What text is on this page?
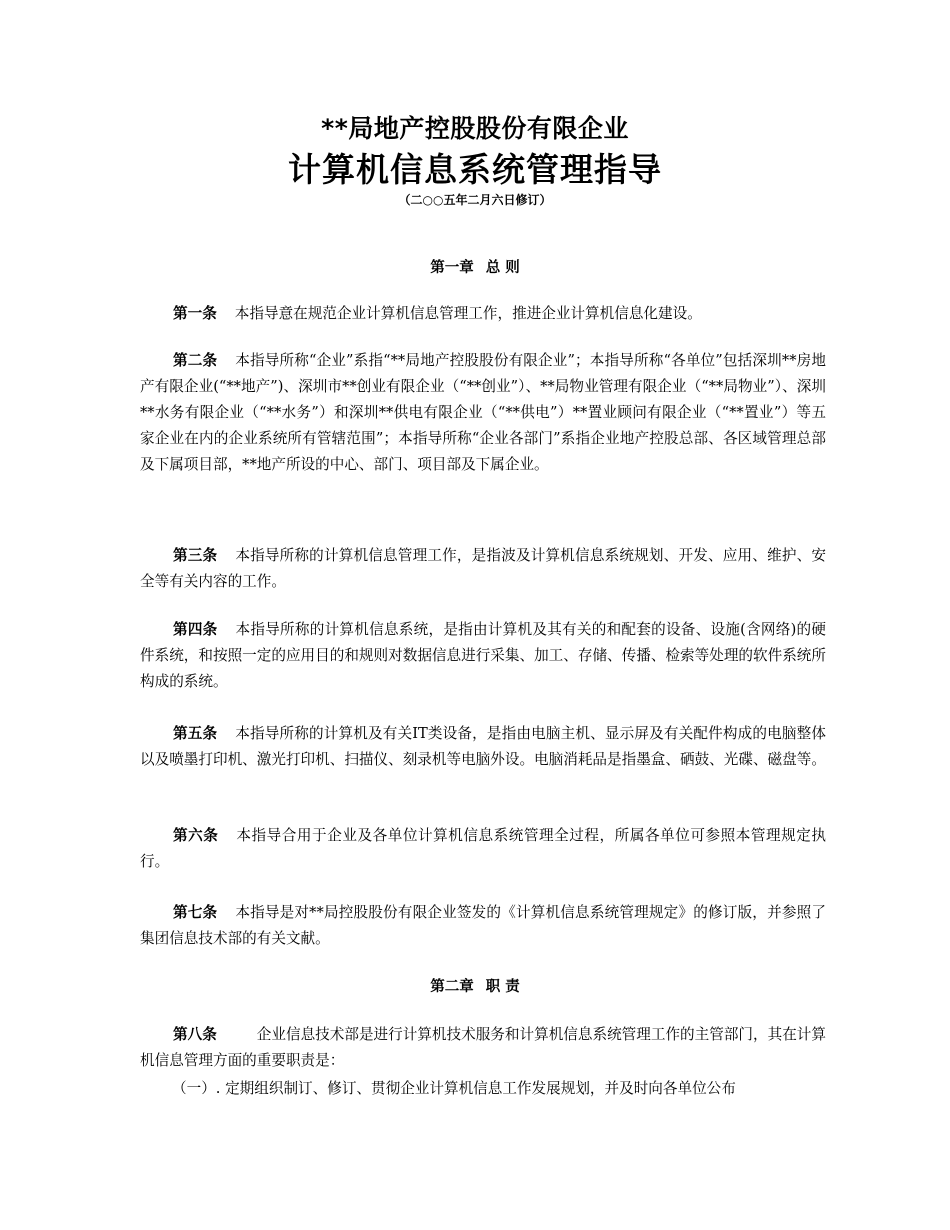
**局地产控股股份有限企业
计算机信息系统管理指导
（二○○五年二月六日修订）
第一章 总 则
第一条 本指导意在规范企业计算机信息管理工作，推进企业计算机信息化建设。
第二条 本指导所称“企业”系指“**局地产控股股份有限企业”；本指导所称“各单位”包括深圳**房地产有限企业(“**地产”)、深圳市**创业有限企业（“**创业”）、**局物业管理有限企业（“**局物业”）、深圳**水务有限企业（“**水务”）和深圳**供电有限企业（“**供电”）**置业顾问有限企业（“**置业”）等五家企业在内的企业系统所有管辖范围”；本指导所称“企业各部门”系指企业地产控股总部、各区域管理总部及下属项目部，**地产所设的中心、部门、项目部及下属企业。
第三条 本指导所称的计算机信息管理工作，是指波及计算机信息系统规划、开发、应用、维护、安全等有关内容的工作。
第四条 本指导所称的计算机信息系统，是指由计算机及其有关的和配套的设备、设施(含网络)的硬件系统，和按照一定的应用目的和规则对数据信息进行采集、加工、存储、传播、检索等处理的软件系统所构成的系统。
第五条 本指导所称的计算机及有关IT类设备，是指由电脑主机、显示屏及有关配件构成的电脑整体以及喷墨打印机、激光打印机、扫描仪、刻录机等电脑外设。电脑消耗品是指墨盒、硒鼓、光碟、磁盘等。
第六条 本指导合用于企业及各单位计算机信息系统管理全过程，所属各单位可参照本管理规定执行。
第七条 本指导是对**局控股股份有限企业签发的《计算机信息系统管理规定》的修订版，并参照了集团信息技术部的有关文献。
第二章 职 责
第八条	企业信息技术部是进行计算机技术服务和计算机信息系统管理工作的主管部门，其在计算机信息管理方面的重要职责是：
（一）. 定期组织制订、修订、贯彻企业计算机信息工作发展规划，并及时向各单位公布
